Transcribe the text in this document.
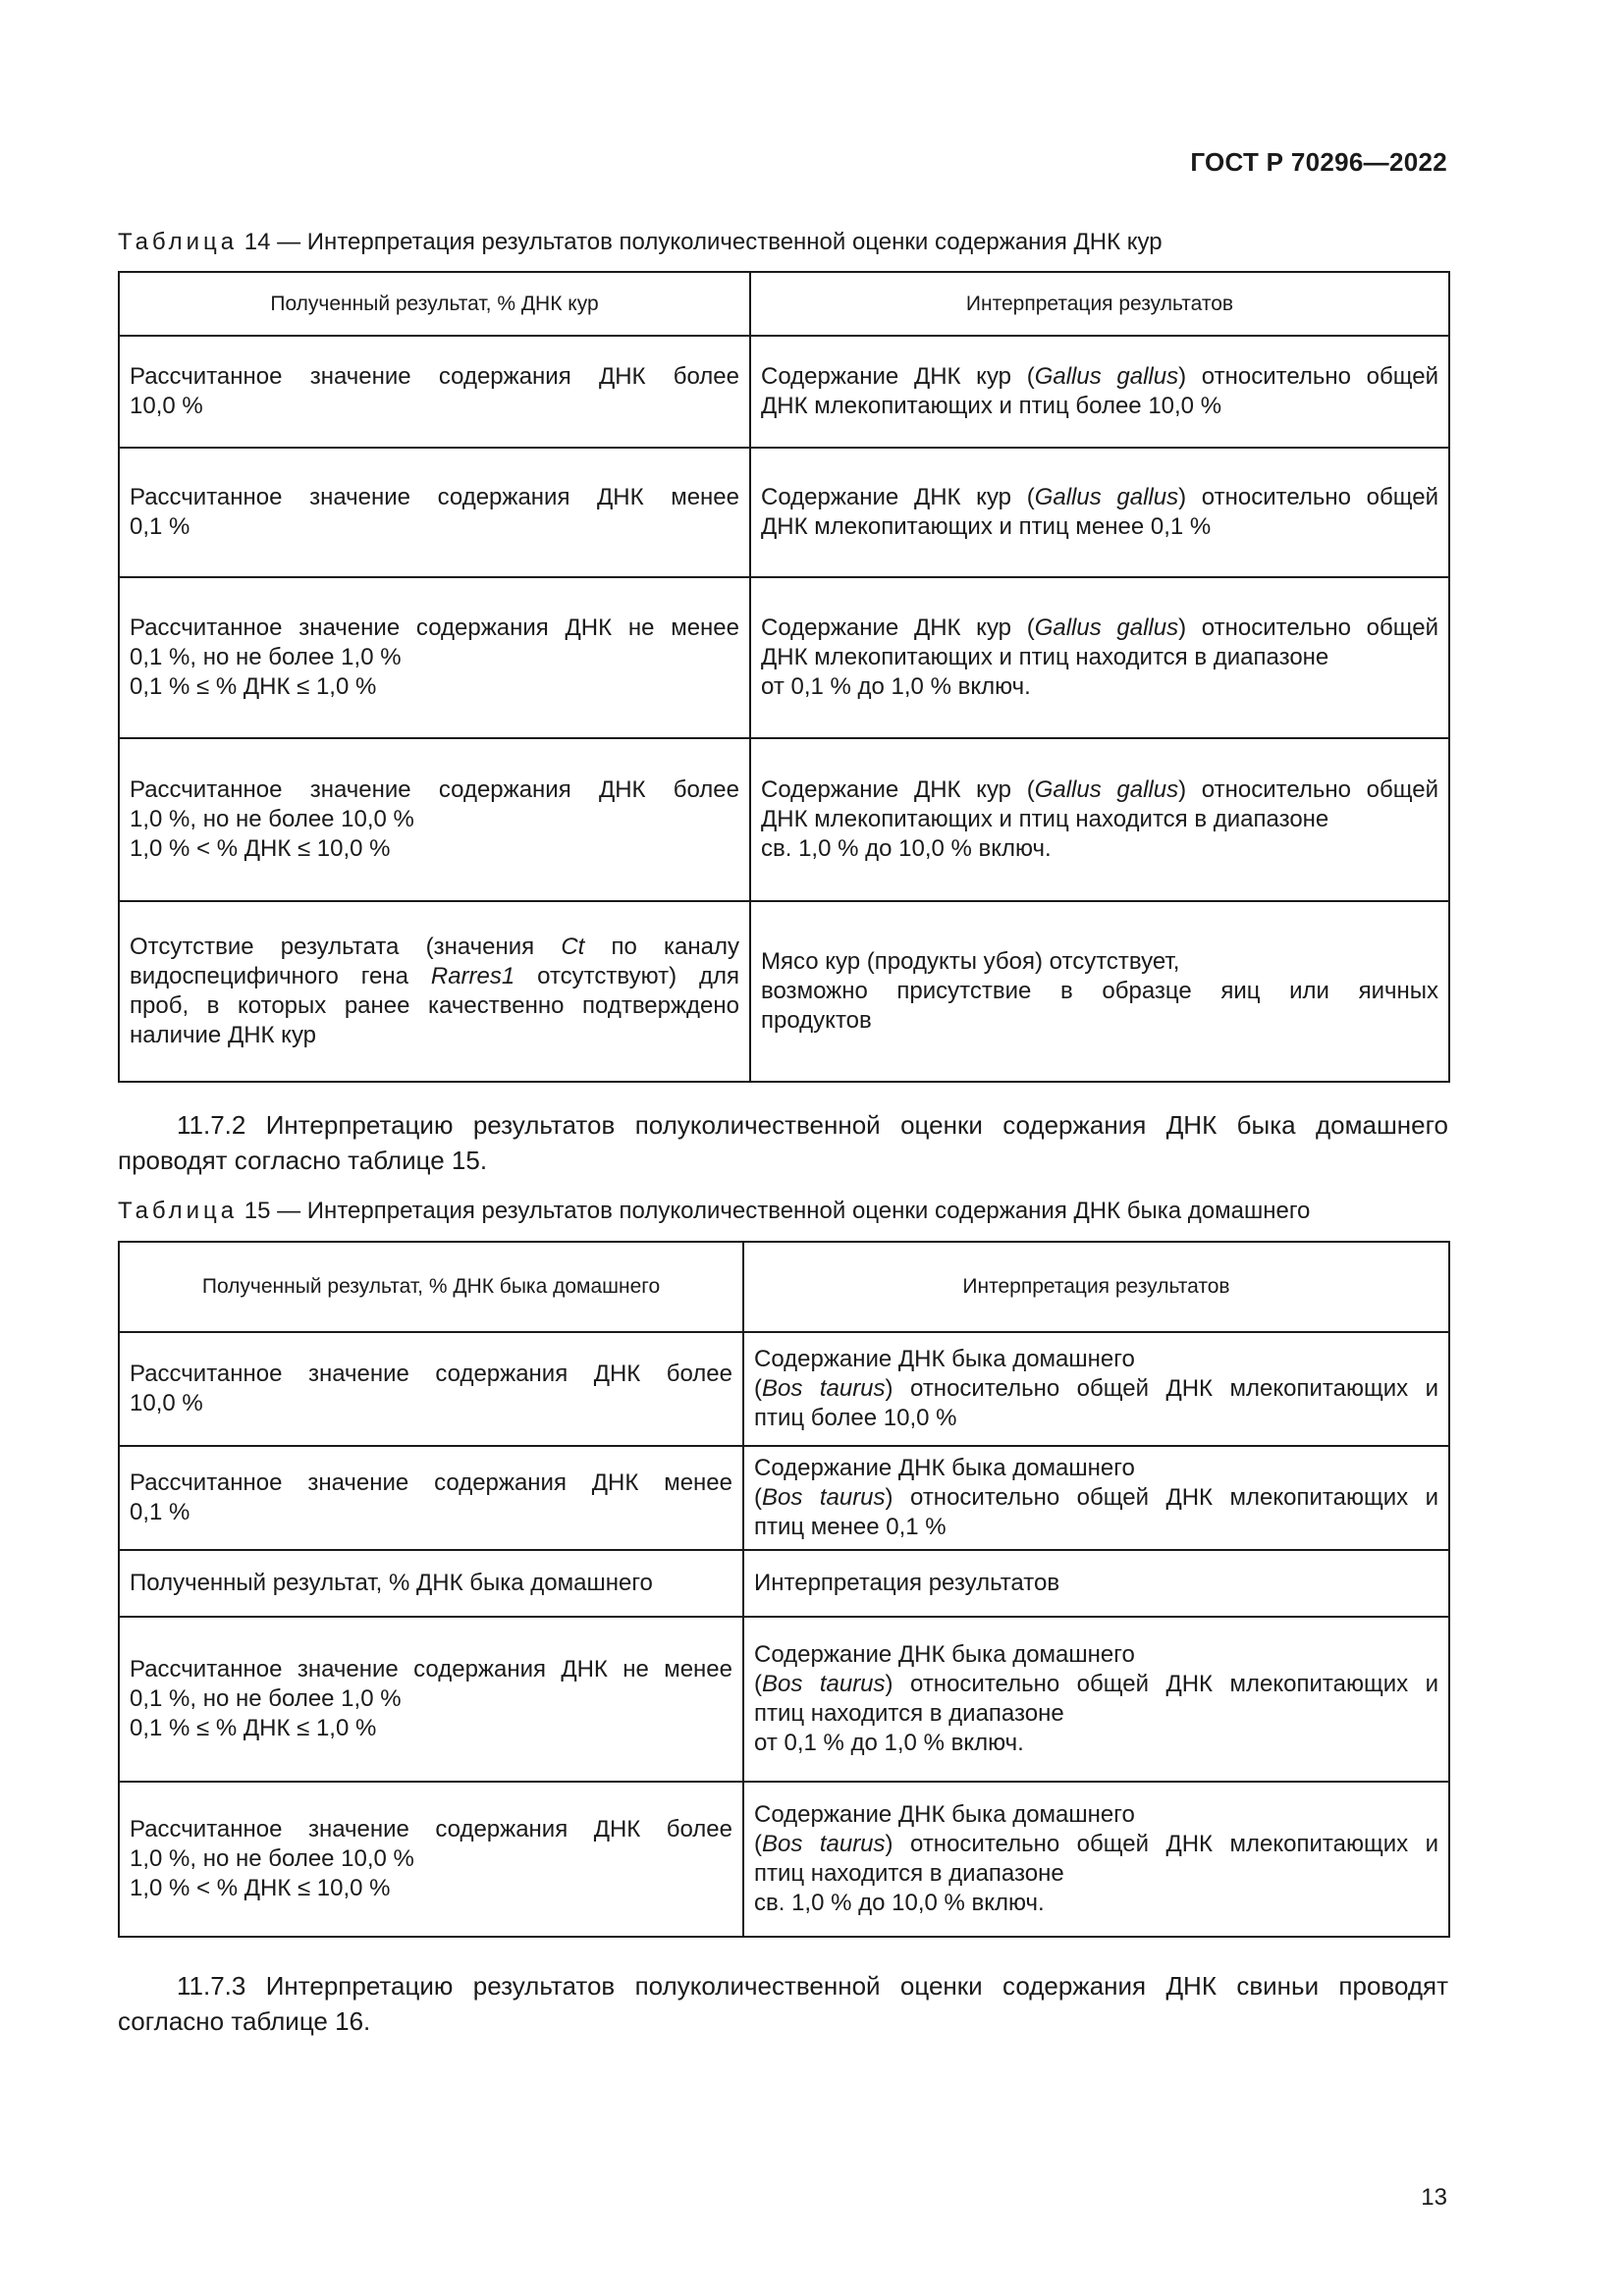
ГОСТ Р 70296—2022
Таблица 14 — Интерпретация результатов полуколичественной оценки содержания ДНК кур
Полученный результат, % ДНК кур	Интерпретация результатов

Рассчитанное значение содержания ДНК более
10,0 %	Содержание ДНК кур (Gallus gallus) относительно общей
ДНК млекопитающих и птиц более 10,0 %

Рассчитанное значение содержания ДНК менее
0,1 %	Содержание ДНК кур (Gallus gallus) относительно общей
ДНК млекопитающих и птиц менее 0,1 %

Рассчитанное значение содержания ДНК не менее
0,1 %, но не более 1,0 %
0,1 % ≤ % ДНК ≤ 1,0 %	Содержание ДНК кур (Gallus gallus) относительно общей
ДНК млекопитающих и птиц находится в диапазоне
от 0,1 % до 1,0 % включ.

Рассчитанное значение содержания ДНК более
1,0 %, но не более 10,0 %
1,0 % < % ДНК ≤ 10,0 %	Содержание ДНК кур (Gallus gallus) относительно общей
ДНК млекопитающих и птиц находится в диапазоне
св. 1,0 % до 10,0 % включ.

Отсутствие результата (значения Ct по каналу
видоспецифичного гена Rarres1 отсутствуют) для
проб, в которых ранее качественно подтверждено
наличие ДНК кур	Мясо кур (продукты убоя) отсутствует,
возможно присутствие в образце яиц или яичных
продуктов
11.7.2 Интерпретацию результатов полуколичественной оценки содержания ДНК быка домашнего проводят согласно таблице 15.
Таблица 15 — Интерпретация результатов полуколичественной оценки содержания ДНК быка домашнего
Полученный результат, % ДНК быка домашнего	Интерпретация результатов

Рассчитанное значение содержания ДНК более
10,0 %	Содержание ДНК быка домашнего
(Bos taurus) относительно общей ДНК млекопитающих и
птиц более 10,0 %

Рассчитанное значение содержания ДНК менее
0,1 %	Содержание ДНК быка домашнего
(Bos taurus) относительно общей ДНК млекопитающих и
птиц менее 0,1 %

Полученный результат, % ДНК быка домашнего	Интерпретация результатов

Рассчитанное значение содержания ДНК не менее
0,1 %, но не более 1,0 %
0,1 % ≤ % ДНК ≤ 1,0 %	Содержание ДНК быка домашнего
(Bos taurus) относительно общей ДНК млекопитающих и
птиц находится в диапазоне
от 0,1 % до 1,0 % включ.

Рассчитанное значение содержания ДНК более
1,0 %, но не более 10,0 %
1,0 % < % ДНК ≤ 10,0 %	Содержание ДНК быка домашнего
(Bos taurus) относительно общей ДНК млекопитающих и
птиц находится в диапазоне
св. 1,0 % до 10,0 % включ.
11.7.3 Интерпретацию результатов полуколичественной оценки содержания ДНК свиньи проводят согласно таблице 16.
13
